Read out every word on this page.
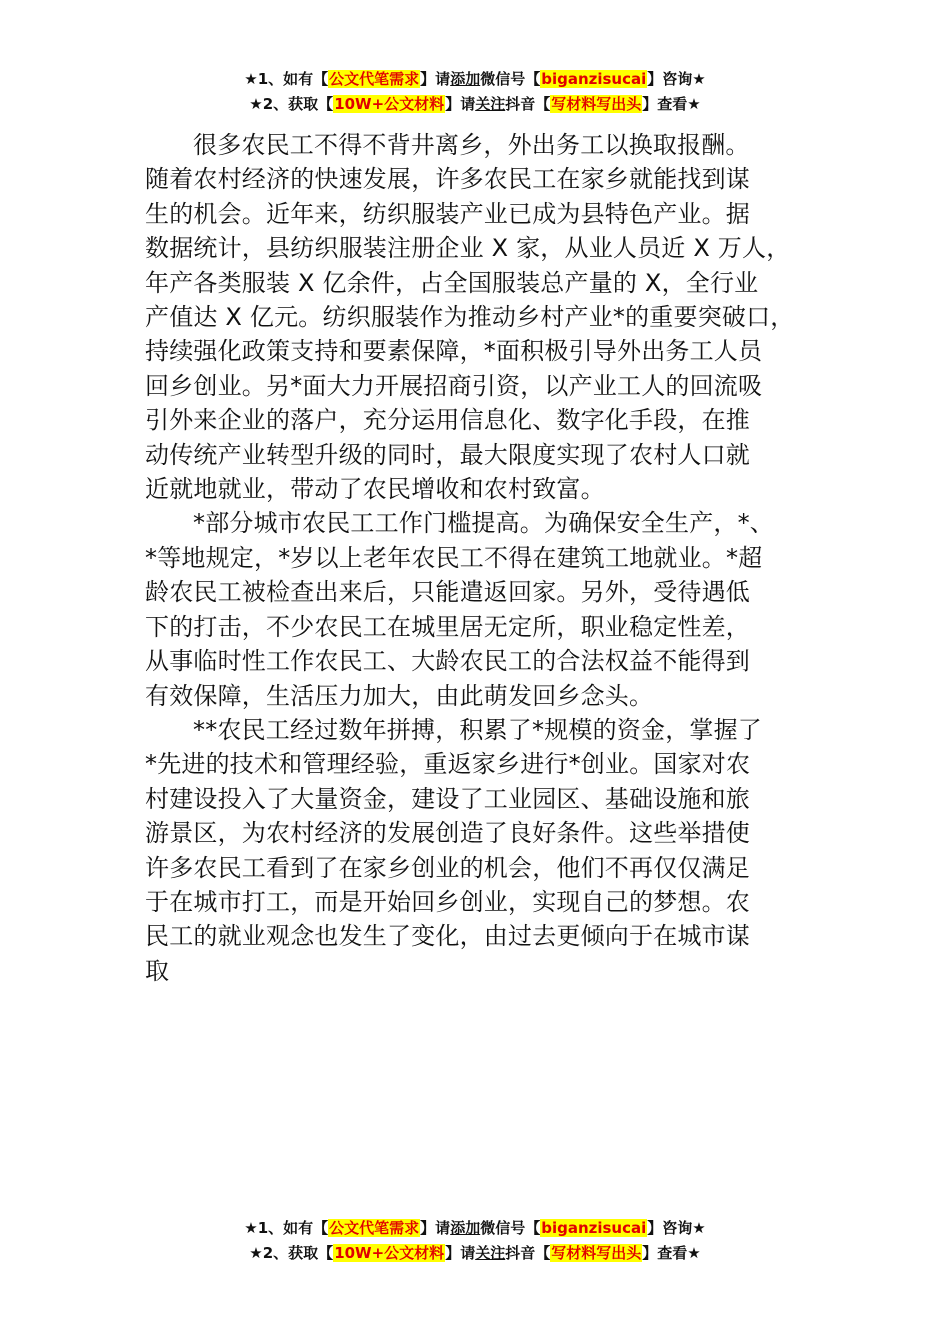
★1、如有【公文代笔需求】请添加微信号【biganzisucai】咨询★
★2、获取【10W+公文材料】请关注抖音【写材料写出头】查看★
很多农民工不得不背井离乡，外出务工以换取报酬。
随着农村经济的快速发展，许多农民工在家乡就能找到谋
生的机会。近年来，纺织服装产业已成为县特色产业。据
数据统计，县纺织服装注册企业 X 家，从业人员近 X 万人，
年产各类服装 X 亿余件，占全国服装总产量的 X，全行业
产值达 X 亿元。纺织服装作为推动乡村产业*的重要突破口，
持续强化政策支持和要素保障，*面积极引导外出务工人员
回乡创业。另*面大力开展招商引资，以产业工人的回流吸
引外来企业的落户，充分运用信息化、数字化手段，在推
动传统产业转型升级的同时，最大限度实现了农村人口就
近就地就业，带动了农民增收和农村致富。
*部分城市农民工工作门槛提高。为确保安全生产，*、
*等地规定，*岁以上老年农民工不得在建筑工地就业。*超
龄农民工被检查出来后，只能遣返回家。另外，受待遇低
下的打击，不少农民工在城里居无定所，职业稳定性差，
从事临时性工作农民工、大龄农民工的合法权益不能得到
有效保障，生活压力加大，由此萌发回乡念头。
**农民工经过数年拼搏，积累了*规模的资金，掌握了
*先进的技术和管理经验，重返家乡进行*创业。国家对农
村建设投入了大量资金，建设了工业园区、基础设施和旅
游景区，为农村经济的发展创造了良好条件。这些举措使
许多农民工看到了在家乡创业的机会，他们不再仅仅满足
于在城市打工，而是开始回乡创业，实现自己的梦想。农
民工的就业观念也发生了变化，由过去更倾向于在城市谋
取
★1、如有【公文代笔需求】请添加微信号【biganzisucai】咨询★
★2、获取【10W+公文材料】请关注抖音【写材料写出头】查看★
